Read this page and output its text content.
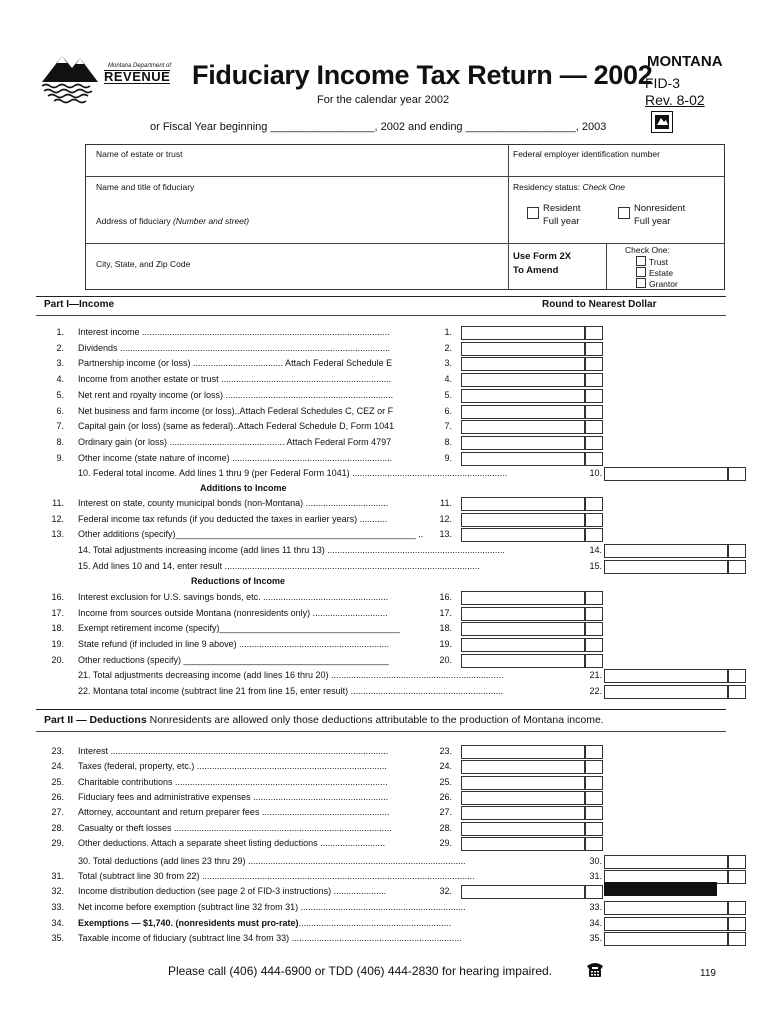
Montana Department of
REVENUE Fiduciary Income Tax Return — 2002
For the calendar year 2002
MONTANA
FID-3
Rev. 8-02
or Fiscal Year beginning _________________, 2002 and ending __________________, 2003
Name of estate or trust	Federal employer identification number
Name and title of fiduciary	Residency status: Check One
Resident
Full year
Nonresident
Full year
Address of fiduciary (Number and street)
City, State, and Zip Code
Use Form 2X
To Amend
Check One:
Trust
Estate
Grantor
Part I—Income	Round to Nearest Dollar
1. Interest income ...................................................................................................	1.
2. Dividends ............................................................................................................	2.
3. Partnership income (or loss) .................................... Attach Federal Schedule E	3.
4. Income from another estate or trust ....................................................................	4.
5. Net rent and royalty income (or loss) ...................................................................	5.
6. Net business and farm income (or loss)..Attach Federal Schedules C, CEZ or F	6.
7. Capital gain (or loss) (same as federal)..Attach Federal Schedule D, Form 1041	7.
8. Ordinary gain (or loss) .............................................. Attach Federal Form 4797	8.
9. Other income (state nature of income) ................................................................	9.
10. Federal total income. Add lines 1 thru 9 (per Federal Form 1041) ..............................................................	10.
Additions to Income
11. Interest on state, county municipal bonds (non-Montana) .................................	11.
12. Federal income tax refunds (if you deducted the taxes in earlier years) ...........	12.
13. Other additions (specify)________________________________________________ ..	13.
14. Total adjustments increasing income (add lines 11 thru 13) .......................................................................	14.
15. Add lines 10 and 14, enter result ......................................................................................................	15.
Reductions of Income
16. Interest exclusion for U.S. savings bonds, etc. ..................................................	16.
17. Income from sources outside Montana (nonresidents only) ..............................	17.
18. Exempt retirement income (specify)____________________________________	18.
19. State refund (if included in line 9 above) ............................................................	19.
20. Other reductions (specify) _________________________________________	20.
21. Total adjustments decreasing income (add lines 16 thru 20) .....................................................................	21.
22. Montana total income (subtract line 21 from line 15, enter result) .............................................................	22.
Part II — Deductions Nonresidents are allowed only those deductions attributable to the production of Montana income.
23. Interest ...............................................................................................................	23.
24. Taxes (federal, property, etc.) ............................................................................	24.
25. Charitable contributions .....................................................................................	25.
26. Fiduciary fees and administrative expenses ......................................................	26.
27. Attorney, accountant and return preparer fees ...................................................	27.
28. Casualty or theft losses .......................................................................................	28.
29. Other deductions. Attach a separate sheet listing deductions ..........................	29.
30. Total deductions (add lines 23 thru 29) .......................................................................................	30.
31. Total (subtract line 30 from 22) .............................................................................................................	31.
32. Income distribution deduction (see page 2 of FID-3 instructions) .....................	32.
33. Net income before exemption (subtract line 32 from 31) ..................................................................	33.
34. Exemptions — $1,740. (nonresidents must pro-rate).............................................................	34.
35. Taxable income of fiduciary (subtract line 34 from 33) ....................................................................	35.
Please call (406) 444-6900 or TDD (406) 444-2830 for hearing impaired.	119
